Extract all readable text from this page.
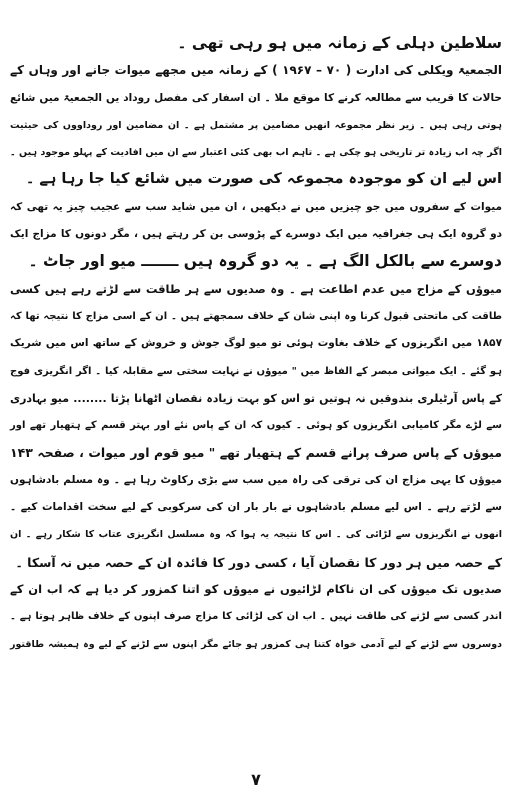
سلاطین دہلی کے زمانہ میں ہو رہی تھی ۔
الجمعیۃ ویکلی کی ادارت ( ۷۰ – ۱۹۶۷ ) کے زمانہ میں مجھے میوات جانے اور وہاں کے
حالات کا قریب سے مطالعہ کرنے کا موقع ملا ۔ ان اسفار کی مفصل روداد یں الجمعیۃ میں شائع
ہوتی رہی ہیں ۔ زیر نظر مجموعہ انھیں مضامین پر مشتمل ہے ۔ ان مضامین اور روداووں کی حیثیت
اگر چہ اب زیادہ تر تاریخی ہو چکی ہے ۔ تاہم اب بھی کئی اعتبار سے ان میں افادیت کے پہلو موجود ہیں ۔
اس لیے ان کو موجودہ مجموعہ کی صورت میں شائع کیا جا رہا ہے ۔
میوات کے سفروں میں جو چیزیں میں نے دیکھیں ، ان میں شاید سب سے عجیب چیز یہ تھی کہ
دو گروہ ایک ہی جغرافیہ میں ایک دوسرے کے پڑوسی بن کر رہتے ہیں ، مگر دونوں کا مزاج ایک
دوسرے سے بالکل الگ ہے ۔ یہ دو گروہ ہیں ـــــــ میو اور جاٹ ۔
میوؤں کے مزاج میں عدم اطاعت ہے ۔ وہ صدیوں سے ہر طاقت سے لڑتے رہے ہیں کسی
طاقت کی ماتحتی قبول کرنا وہ اپنی شان کے خلاف سمجھتے ہیں ۔ ان کے اسی مزاج کا نتیجہ تھا کہ
۱۸۵۷ میں انگریزوں کے خلاف بغاوت ہوئی تو میو لوگ جوش و خروش کے ساتھ اس میں شریک
ہو گئے ۔ ایک میواتی مبصر کے الفاظ میں " میوؤں نے نہایت سختی سے مقابلہ کیا ۔ اگر انگریزی فوج
کے پاس آرٹیلری بندوقیں نہ ہوتیں تو اس کو بہت زیادہ نقصان اٹھانا پڑتا ........ میو بہادری
سے لڑے مگر کامیابی انگریزوں کو ہوئی ۔ کیوں کہ ان کے پاس نئے اور بہتر قسم کے ہتھیار تھے اور
میوؤں کے پاس صرف پرانے قسم کے ہتھیار تھے " میو قوم اور میوات ، صفحہ ۱۴۳
میوؤں کا یہی مزاج ان کی ترقی کی راہ میں سب سے بڑی رکاوٹ رہا ہے ۔ وہ مسلم بادشاہوں
سے لڑتے رہے ۔ اس لیے مسلم بادشاہوں نے بار بار ان کی سرکوبی کے لیے سخت اقدامات کیے ۔
انھوں نے انگریزوں سے لڑائی کی ۔ اس کا نتیجہ یہ ہوا کہ وہ مسلسل انگریزی عتاب کا شکار رہے ۔ ان
کے حصہ میں ہر دور کا نقصان آیا ، کسی دور کا فائدہ ان کے حصہ میں نہ آسکا ۔
صدیوں تک میوؤں کی ان ناکام لڑائیوں نے میوؤں کو اتنا کمزور کر دیا ہے کہ اب ان کے
اندر کسی سے لڑنے کی طاقت نہیں ۔ اب ان کی لڑائی کا مزاج صرف اپنوں کے خلاف ظاہر ہوتا ہے ۔
دوسروں سے لڑنے کے لیے آدمی خواہ کتنا ہی کمزور ہو جائے مگر اپنوں سے لڑنے کے لیے وہ ہمیشہ طاقتور
۷
